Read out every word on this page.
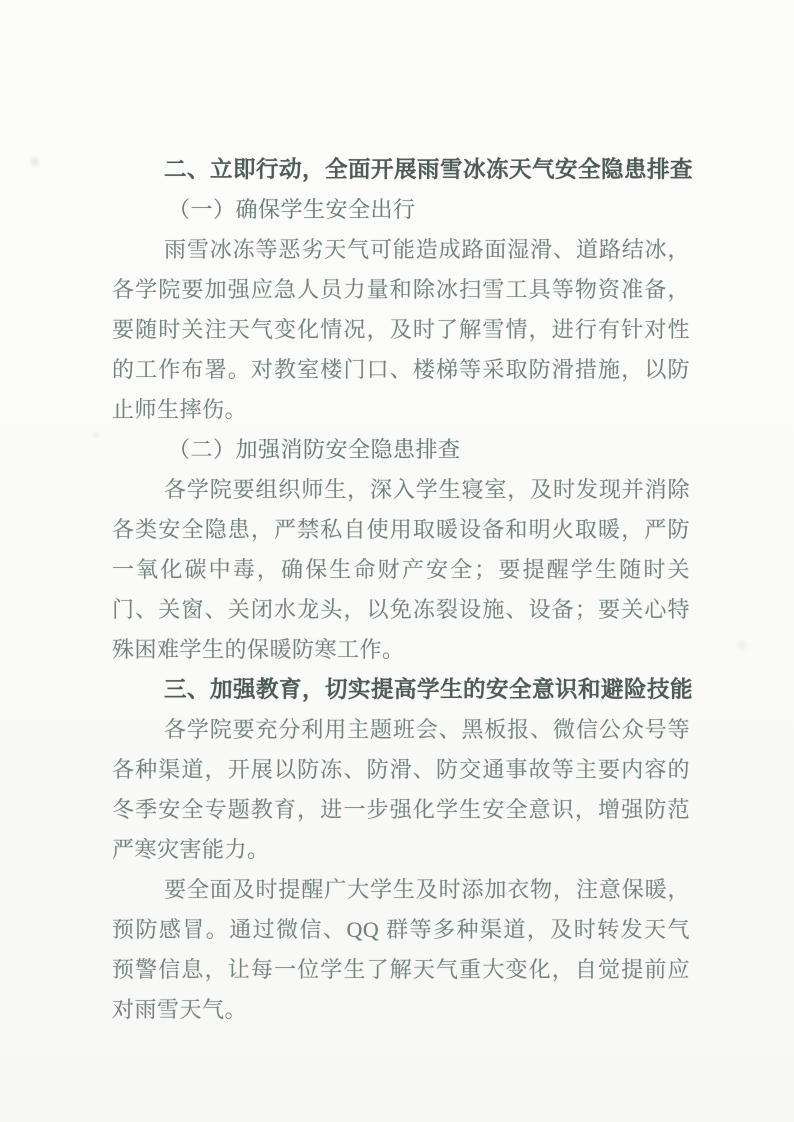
二、立即行动，全面开展雨雪冰冻天气安全隐患排查
（一）确保学生安全出行
雨雪冰冻等恶劣天气可能造成路面湿滑、道路结冰，各学院要加强应急人员力量和除冰扫雪工具等物资准备，要随时关注天气变化情况，及时了解雪情，进行有针对性的工作布署。对教室楼门口、楼梯等采取防滑措施，以防止师生摔伤。
（二）加强消防安全隐患排查
各学院要组织师生，深入学生寝室，及时发现并消除各类安全隐患，严禁私自使用取暖设备和明火取暖，严防一氧化碳中毒，确保生命财产安全；要提醒学生随时关门、关窗、关闭水龙头，以免冻裂设施、设备；要关心特殊困难学生的保暖防寒工作。
三、加强教育，切实提高学生的安全意识和避险技能
各学院要充分利用主题班会、黑板报、微信公众号等各种渠道，开展以防冻、防滑、防交通事故等主要内容的冬季安全专题教育，进一步强化学生安全意识，增强防范严寒灾害能力。
要全面及时提醒广大学生及时添加衣物，注意保暖，预防感冒。通过微信、QQ 群等多种渠道，及时转发天气预警信息，让每一位学生了解天气重大变化，自觉提前应对雨雪天气。
